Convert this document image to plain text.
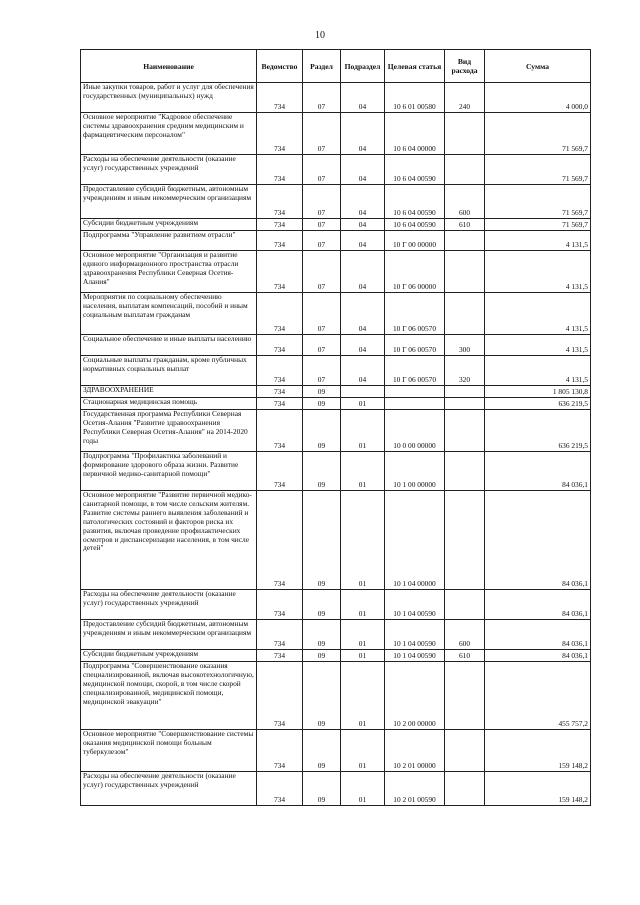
10
Наименование	Ведомство	Раздел	Подраздел	Целевая статья	Вид расхода	Сумма
Иные закупки товаров, работ и услуг для обеспечения государственных (муниципальных) нужд	734	07	04	10 6 01 00580	240	4 000,0
Основное мероприятие "Кадровое обеспечение системы здравоохранения средним медицинским и фармацевтическим персоналом"	734	07	04	10 6 04 00000		71 569,7
Расходы на обеспечение деятельности (оказание услуг) государственных учреждений	734	07	04	10 6 04 00590		71 569,7
Предоставление субсидий бюджетным, автономным учреждениям и иным некоммерческим организациям	734	07	04	10 6 04 00590	600	71 569,7
Субсидии бюджетным учреждениям	734	07	04	10 6 04 00590	610	71 569,7
Подпрограмма "Управление развитием отрасли"	734	07	04	10 Г 00 00000		4 131,5
Основное мероприятие "Организация и развитие единого информационного пространства отрасли здравоохранения Республики Северная Осетия-Алания"	734	07	04	10 Г 06 00000		4 131,5
Мероприятия по социальному обеспечению населения, выплатам компенсаций, пособий и иным социальным выплатам гражданам	734	07	04	10 Г 06 00570		4 131,5
Социальное обеспечение и иные выплаты населению	734	07	04	10 Г 06 00570	300	4 131,5
Социальные выплаты гражданам, кроме публичных нормативных социальных выплат	734	07	04	10 Г 06 00570	320	4 131,5
ЗДРАВООХРАНЕНИЕ	734	09				1 805 130,8
Стационарная медицинская помощь	734	09	01			636 219,5
Государственная программа Республики Северная Осетия-Алания "Развитие здравоохранения Республики Северная Осетия-Алания" на 2014-2020 годы	734	09	01	10 0 00 00000		636 219,5
Подпрограмма "Профилактика заболеваний и формирование здорового образа жизни. Развитие первичной медико-санитарной помощи"	734	09	01	10 1 00 00000		84 036,1
Основное мероприятие "Развитие первичной медико-санитарной помощи, в том числе сельским жителям. Развитие системы раннего выявления заболеваний и патологических состояний и факторов риска их развития, включая проведение профилактических осмотров и диспансеризации населения, в том числе детей"	734	09	01	10 1 04 00000		84 036,1
Расходы на обеспечение деятельности (оказание услуг) государственных учреждений	734	09	01	10 1 04 00590		84 036,1
Предоставление субсидий бюджетным, автономным учреждениям и иным некоммерческим организациям	734	09	01	10 1 04 00590	600	84 036,1
Субсидии бюджетным учреждениям	734	09	01	10 1 04 00590	610	84 036,1
Подпрограмма "Совершенствование оказания специализированной, включая высокотехнологичную, медицинской помощи, скорой, в том числе скорой специализированной, медицинской помощи, медицинской эвакуации"	734	09	01	10 2 00 00000		455 757,2
Основное мероприятие "Совершенствование системы оказания медицинской помощи больным туберкулезом"	734	09	01	10 2 01 00000		159 148,2
Расходы на обеспечение деятельности (оказание услуг) государственных учреждений	734	09	01	10 2 01 00590		159 148,2
